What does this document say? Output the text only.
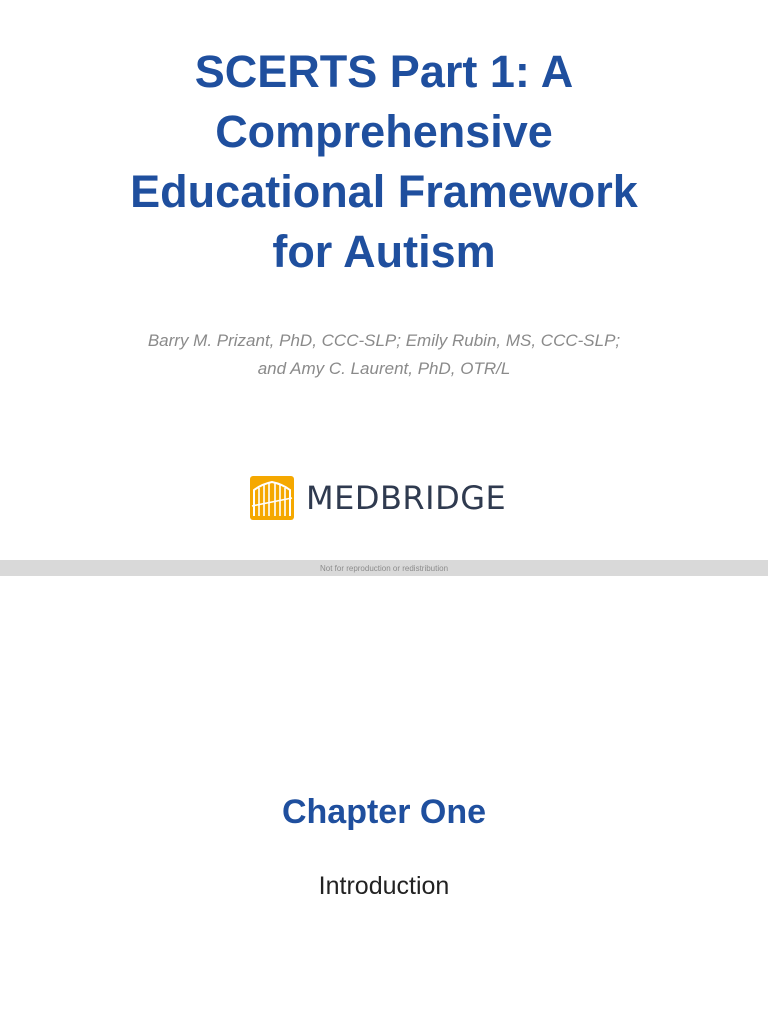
SCERTS Part 1: A
Comprehensive
Educational Framework
for Autism

Barry M. Prizant, PhD, CCC-SLP; Emily Rubin, MS, CCC-SLP;
and Amy C. Laurent, PhD, OTR/L

MEDBRIDGE
Not for reproduction or redistribution
Chapter One

Introduction
